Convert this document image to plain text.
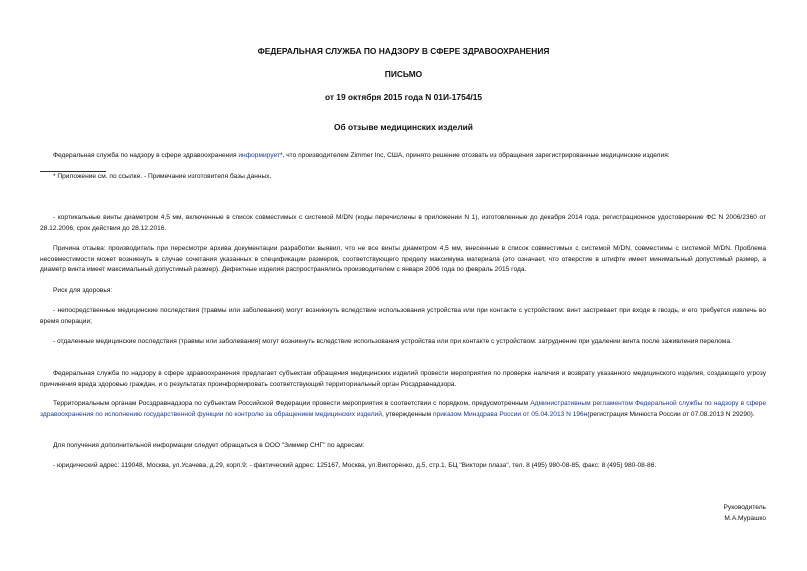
ФЕДЕРАЛЬНАЯ СЛУЖБА ПО НАДЗОРУ В СФЕРЕ ЗДРАВООХРАНЕНИЯ
ПИСЬМО
от 19 октября 2015 года N 01И-1754/15
Об отзыве медицинских изделий

Федеральная служба по надзору в сфере здравоохранения информирует*, что производителем Zimmer Inc, США, принято решение отозвать из обращения зарегистрированные медицинские изделия:

* Приложение см. по ссылке. - Примечание изготовителя базы данных.

- кортикальные винты диаметром 4,5 мм, включенные в список совместимых с системой M/DN (коды перечислены в приложении N 1), изготовленные до декабря 2014 года, регистрационное удостоверение ФС N 2006/2360 от 28.12.2006, срок действия до 28.12.2016.

Причина отзыва: производитель при пересмотре архива документации разработки выявил, что не все винты диаметром 4,5 мм, внесенные в список совместимых с системой M/DN, совместимы с системой M/DN. Проблема несовместимости может возникнуть в случае сочетания указанных в спецификации размеров, соответствующего пределу максимума материала (это означает, что отверстие в штифте имеет минимальный допустимый размер, а диаметр винта имеет максимальный допустимый размер). Дефектные изделия распространялись производителем с января 2006 года по февраль 2015 года.

Риск для здоровья:

- непосредственные медицинские последствия (травмы или заболевания) могут возникнуть вследствие использования устройства или при контакте с устройством: винт застревает при входе в гвоздь, и его требуется извлечь во время операции;

- отдаленные медицинские последствия (травмы или заболевания) могут возникнуть вследствие использования устройства или при контакте с устройством: затруднение при удалении винта после заживления перелома.

Федеральная служба по надзору в сфере здравоохранения предлагает субъектам обращения медицинских изделий провести мероприятия по проверке наличия и возврату указанного медицинского изделия, создающего угрозу причинения вреда здоровью граждан, и о результатах проинформировать соответствующий территориальный орган Росздравнадзора.

Территориальным органам Росздравнадзора по субъектам Российской Федерации провести мероприятия в соответствии с порядком, предусмотренным Административным регламентом Федеральной службы по надзору в сфере здравоохранения по исполнению государственной функции по контролю за обращением медицинских изделий, утвержденным приказом Минздрава России от 05.04.2013 N 196н(регистрация Минюста России от 07.08.2013 N 29290).

Для получения дополнительной информации следует обращаться в ООО "Зиммер СНГ" по адресам:

- юридический адрес: 119048, Москва, ул.Усачева, д.29, корп.9; - фактический адрес: 125167, Москва, ул.Викторенко, д.5, стр.1, БЦ "Виктори плаза", тел. 8 (495) 980-08-85, факс: 8 (495) 980-08-86.

Руководитель
М.А.Мурашко
